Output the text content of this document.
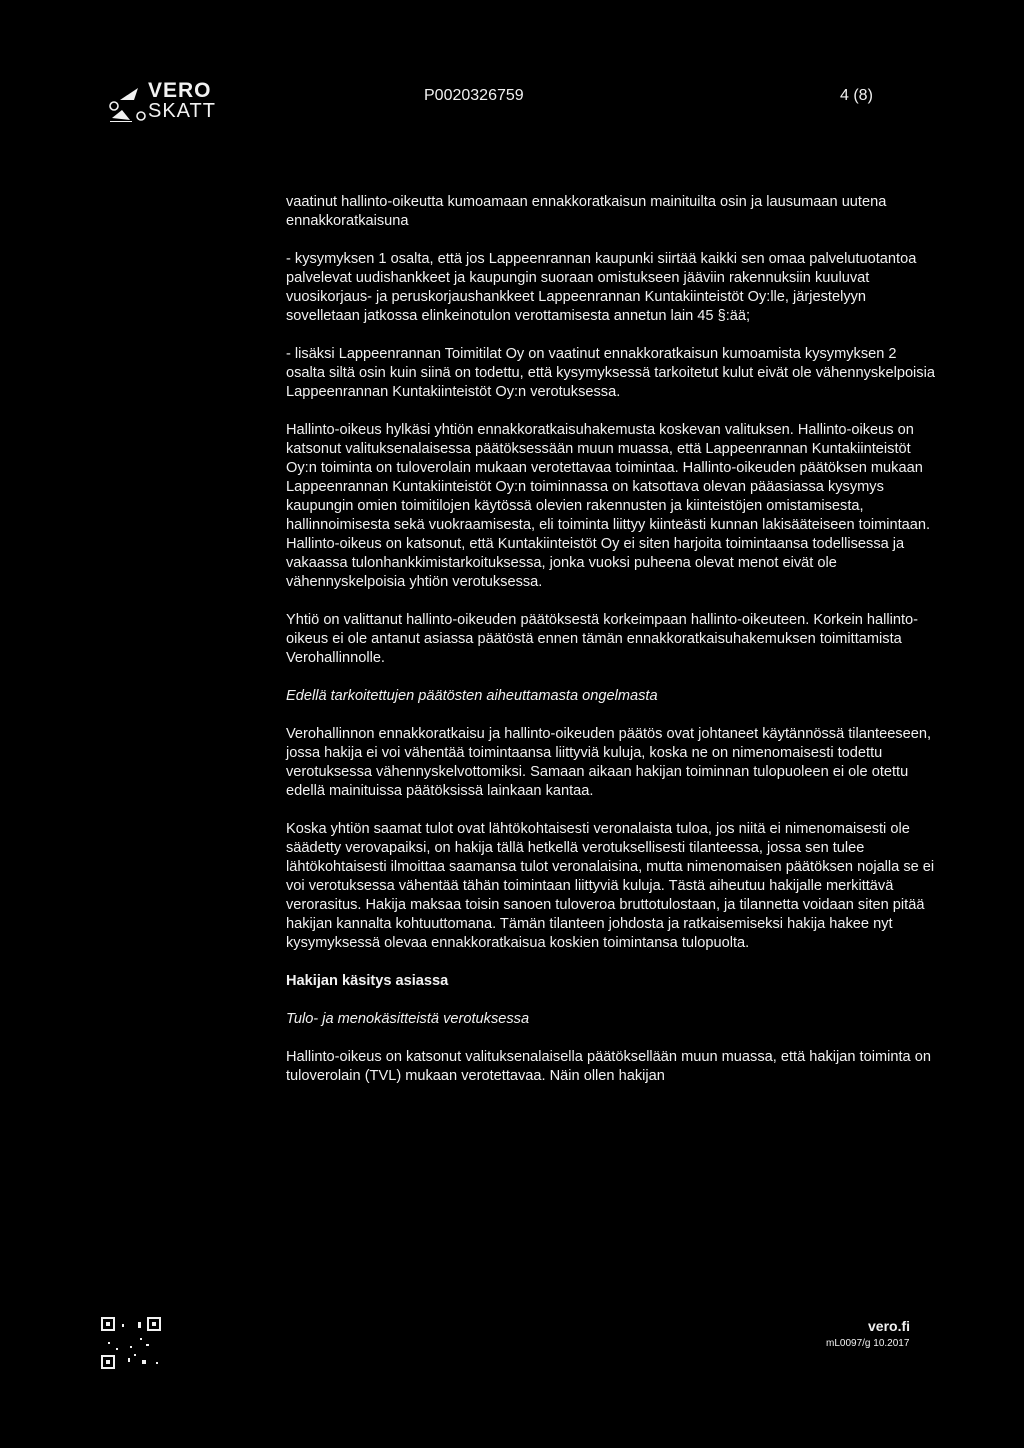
VERO
SKATT
P0020326759	4 (8)

vaatinut hallinto-oikeutta kumoamaan ennakkoratkaisun mainituilta osin ja lausumaan uutena ennakkoratkaisuna

- kysymyksen 1 osalta, että jos Lappeenrannan kaupunki siirtää kaikki sen omaa palvelutuotantoa palvelevat uudishankkeet ja kaupungin suoraan omistukseen jääviin rakennuksiin kuuluvat vuosikorjaus- ja peruskorjaushankkeet Lappeenrannan Kuntakiinteistöt Oy:lle, järjestelyyn sovelletaan jatkossa elinkeinotulon verottamisesta annetun lain 45 §:ää;

- lisäksi Lappeenrannan Toimitilat Oy on vaatinut ennakkoratkaisun kumoamista kysymyksen 2 osalta siltä osin kuin siinä on todettu, että kysymyksessä tarkoitetut kulut eivät ole vähennyskelpoisia Lappeenrannan Kuntakiinteistöt Oy:n verotuksessa.

Hallinto-oikeus hylkäsi yhtiön ennakkoratkaisuhakemusta koskevan valituksen. Hallinto-oikeus on katsonut valituksenalaisessa päätöksessään muun muassa, että Lappeenrannan Kuntakiinteistöt Oy:n toiminta on tuloverolain mukaan verotettavaa toimintaa. Hallinto-oikeuden päätöksen mukaan Lappeenrannan Kuntakiinteistöt Oy:n toiminnassa on katsottava olevan pääasiassa kysymys kaupungin omien toimitilojen käytössä olevien rakennusten ja kiinteistöjen omistamisesta, hallinnoimisesta sekä vuokraamisesta, eli toiminta liittyy kiinteästi kunnan lakisääteiseen toimintaan. Hallinto-oikeus on katsonut, että Kuntakiinteistöt Oy ei siten harjoita toimintaansa todellisessa ja vakaassa tulonhankkimistarkoituksessa, jonka vuoksi puheena olevat menot eivät ole vähennyskelpoisia yhtiön verotuksessa.

Yhtiö on valittanut hallinto-oikeuden päätöksestä korkeimpaan hallinto-oikeuteen. Korkein hallinto-oikeus ei ole antanut asiassa päätöstä ennen tämän ennakkoratkaisuhakemuksen toimittamista Verohallinnolle.

Edellä tarkoitettujen päätösten aiheuttamasta ongelmasta

Verohallinnon ennakkoratkaisu ja hallinto-oikeuden päätös ovat johtaneet käytännössä tilanteeseen, jossa hakija ei voi vähentää toimintaansa liittyviä kuluja, koska ne on nimenomaisesti todettu verotuksessa vähennyskelvottomiksi. Samaan aikaan hakijan toiminnan tulopuoleen ei ole otettu edellä mainituissa päätöksissä lainkaan kantaa.

Koska yhtiön saamat tulot ovat lähtökohtaisesti veronalaista tuloa, jos niitä ei nimenomaisesti ole säädetty verovapaiksi, on hakija tällä hetkellä verotuksellisesti tilanteessa, jossa sen tulee lähtökohtaisesti ilmoittaa saamansa tulot veronalaisina, mutta nimenomaisen päätöksen nojalla se ei voi verotuksessa vähentää tähän toimintaan liittyviä kuluja. Tästä aiheutuu hakijalle merkittävä verorasitus. Hakija maksaa toisin sanoen tuloveroa bruttotulostaan, ja tilannetta voidaan siten pitää hakijan kannalta kohtuuttomana. Tämän tilanteen johdosta ja ratkaisemiseksi hakija hakee nyt kysymyksessä olevaa ennakkoratkaisua koskien toimintansa tulopuolta.

Hakijan käsitys asiassa

Tulo- ja menokäsitteistä verotuksessa

Hallinto-oikeus on katsonut valituksenalaisella päätöksellään muun muassa, että hakijan toiminta on tuloverolain (TVL) mukaan verotettavaa. Näin ollen hakijan

vero.fi
mL0097/g 10.2017
